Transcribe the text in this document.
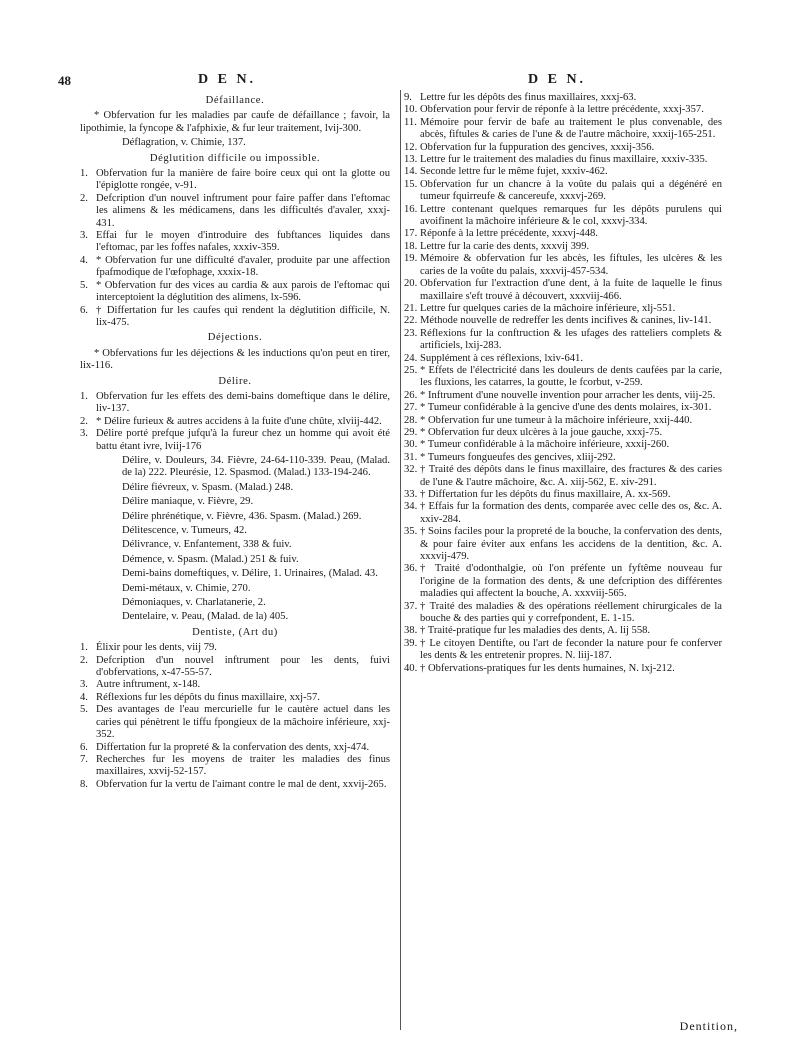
48	D E N.	D E N.
Défaillance.
* Obfervation fur les maladies par caufe de défaillance ; favoir, la lipothimie, la fyncope & l'afphixie, & fur leur traitement, lvij-300.
Déflagration, v. Chimie, 137.
Déglutition difficile ou impossible.
1. Obfervation fur la manière de faire boire ceux qui ont la glotte ou l'épiglotte rongée, v-91.
2. Defcription d'un nouvel inftrument pour faire paffer dans l'eftomac les alimens & les médicamens, dans les difficultés d'avaler, xxxj-431.
3. Effai fur le moyen d'introduire des fubftances liquides dans l'eftomac, par les foffes nafales, xxxiv-359.
4. * Obfervation fur une difficulté d'avaler, produite par une affection fpafmodique de l'œfophage, xxxix-18.
5. * Obfervation fur des vices au cardia & aux parois de l'eftomac qui interceptoient la déglutition des alimens, lx-596.
6. † Differtation fur les caufes qui rendent la déglutition difficile, N. lix-475.
Déjections.
* Obfervations fur les déjections & les inductions qu'on peut en tirer, lix-116.
Délire.
1. Obfervation fur les effets des demi-bains domeftique dans le délire, liv-137.
2. * Délire furieux & autres accidens à la fuite d'une chûte, xlviij-442.
3. Délire porté prefque jufqu'à la fureur chez un homme qui avoit été battu étant ivre, lviij-176
Délire, v. Douleurs, 34. Fièvre, 24-64-110-339. Peau, (Malad. de la) 222. Pleurésie, 12. Spasmod. (Malad.) 133-194-246.
Délire fiévreux, v. Spasm. (Malad.) 248.
Délire maniaque, v. Fièvre, 29.
Délire phrénétique, v. Fièvre, 436. Spasm. (Malad.) 269.
Délitescence, v. Tumeurs, 42.
Délivrance, v. Enfantement, 338 & fuiv.
Démence, v. Spasm. (Malad.) 251 & fuiv.
Demi-bains domeftiques, v. Délire, 1. Urinaires, (Malad. 43.
Demi-métaux, v. Chimie, 270.
Démoniaques, v. Charlatanerie, 2.
Dentelaire, v. Peau, (Malad. de la) 405.
Dentiste, (Art du)
1. Élixir pour les dents, viij 79.
2. Defcription d'un nouvel inftrument pour les dents, fuivi d'obfervations, x-47-55-57.
3. Autre inftrument, x-148.
4. Réflexions fur les dépôts du finus maxillaire, xxj-57.
5. Des avantages de l'eau mercurielle fur le cautère actuel dans les caries qui pénètrent le tiffu fpongieux de la mâchoire inférieure, xxj-352.
6. Differtation fur la propreté & la confervation des dents, xxj-474.
7. Recherches fur les moyens de traiter les maladies des finus maxillaires, xxvij-52-157.
8. Obfervation fur la vertu de l'aimant contre le mal de dent, xxvij-265.
9. Lettre fur les dépôts des finus maxillaires, xxxj-63.
10. Obfervation pour fervir de réponfe à la lettre précédente, xxxj-357.
11. Mémoire pour fervir de bafe au traitement le plus convenable, des abcès, fiftules & caries de l'une & de l'autre mâchoire, xxxij-165-251.
12. Obfervation fur la fuppuration des gencives, xxxij-356.
13. Lettre fur le traitement des maladies du finus maxillaire, xxxiv-335.
14. Seconde lettre fur le même fujet, xxxiv-462.
15. Obfervation fur un chancre à la voûte du palais qui a dégénéré en tumeur fquirreufe & cancereufe, xxxvj-269.
16. Lettre contenant quelques remarques fur les dépôts purulens qui avoifinent la mâchoire inférieure & le col, xxxvj-334.
17. Réponfe à la lettre précédente, xxxvj-448.
18. Lettre fur la carie des dents, xxxvij 399.
19. Mémoire & obfervation fur les abcès, les fiftules, les ulcères & les caries de la voûte du palais, xxxvij-457-534.
20. Obfervation fur l'extraction d'une dent, à la fuite de laquelle le finus maxillaire s'eft trouvé à découvert, xxxviij-466.
21. Lettre fur quelques caries de la mâchoire inférieure, xlj-551.
22. Méthode nouvelle de redreffer les dents incifives & canines, liv-141.
23. Réflexions fur la conftruction & les ufages des ratteliers complets & artificiels, lxij-283.
24. Supplément à ces réflexions, lxiv-641.
25. * Effets de l'électricité dans les douleurs de dents caufées par la carie, les fluxions, les catarres, la goutte, le fcorbut, v-259.
26. * Inftrument d'une nouvelle invention pour arracher les dents, viij-25.
27. * Tumeur confidérable à la gencive d'une des dents molaires, ix-301.
28. * Obfervation fur une tumeur à la mâchoire inférieure, xxij-440.
29. * Obfervation fur deux ulcères à la joue gauche, xxxj-75.
30. * Tumeur confidérable à la mâchoire inférieure, xxxij-260.
31. * Tumeurs fongueufes des gencives, xliij-292.
32. † Traité des dépôts dans le finus maxillaire, des fractures & des caries de l'une & l'autre mâchoire, &c. A. xiij-562, E. xiv-291.
33. † Differtation fur les dépôts du finus maxillaire, A. xx-569.
34. † Effais fur la formation des dents, comparée avec celle des os, &c. A. xxiv-284.
35. † Soins faciles pour la propreté de la bouche, la confervation des dents, & pour faire éviter aux enfans les accidens de la dentition, &c. A. xxxvij-479.
36. † Traité d'odonthalgie, où l'on préfente un fyftême nouveau fur l'origine de la formation des dents, & une defcription des différentes maladies qui affectent la bouche, A. xxxviij-565.
37. † Traité des maladies & des opérations réellement chirurgicales de la bouche & des parties qui y correfpondent, E. 1-15.
38. † Traité-pratique fur les maladies des dents, A. lij 558.
39. † Le citoyen Dentifte, ou l'art de feconder la nature pour fe conferver les dents & les entretenir propres. N. liij-187.
40. † Obfervations-pratiques fur les dents humaines, N. lxj-212.
Dentition,
